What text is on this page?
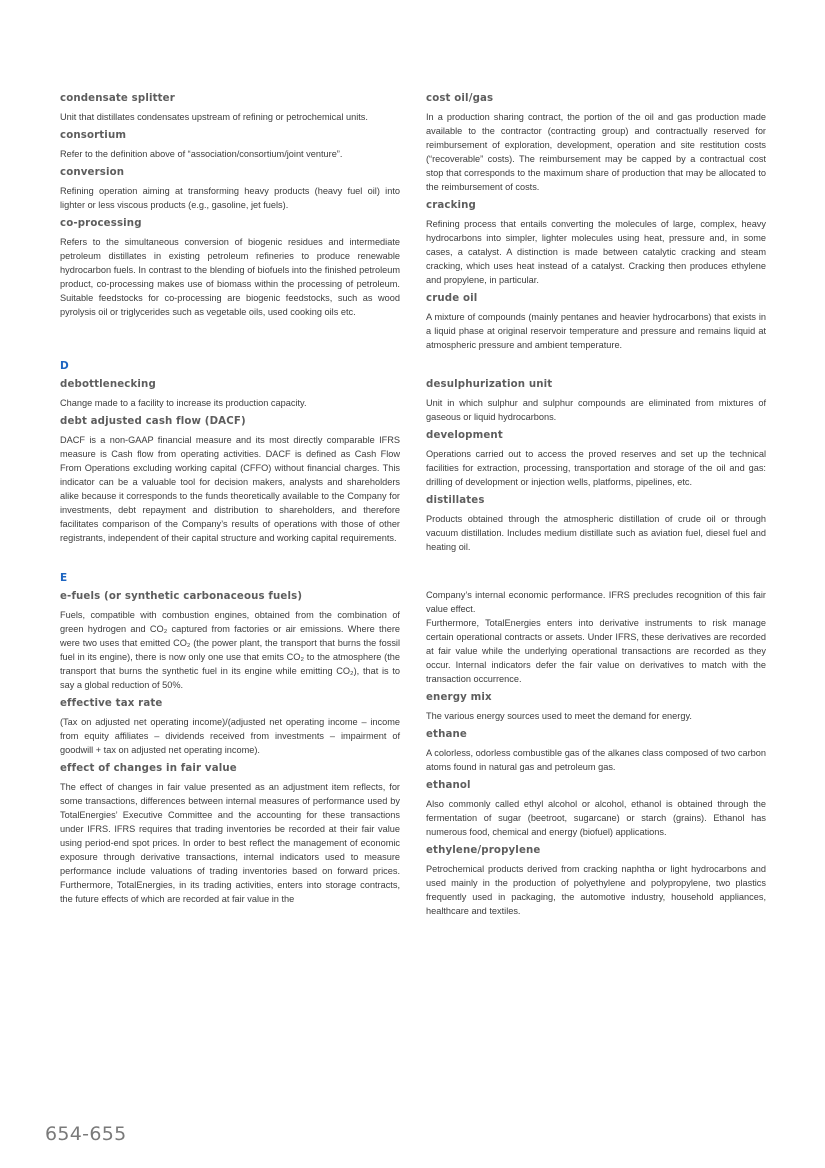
condensate splitter

Unit that distillates condensates upstream of refining or petrochemical units.

consortium

Refer to the definition above of “association/consortium/joint venture”.

conversion

Refining operation aiming at transforming heavy products (heavy fuel oil) into lighter or less viscous products (e.g., gasoline, jet fuels).

co-processing

Refers to the simultaneous conversion of biogenic residues and intermediate petroleum distillates in existing petroleum refineries to produce renewable hydrocarbon fuels. In contrast to the blending of biofuels into the finished petroleum product, co-processing makes use of biomass within the processing of petroleum. Suitable feedstocks for co-processing are biogenic feedstocks, such as wood pyrolysis oil or triglycerides such as vegetable oils, used cooking oils etc.

cost oil/gas

In a production sharing contract, the portion of the oil and gas production made available to the contractor (contracting group) and contractually reserved for reimbursement of exploration, development, operation and site restitution costs (“recoverable” costs). The reimbursement may be capped by a contractual cost stop that corresponds to the maximum share of production that may be allocated to the reimbursement of costs.

cracking

Refining process that entails converting the molecules of large, complex, heavy hydrocarbons into simpler, lighter molecules using heat, pressure and, in some cases, a catalyst. A distinction is made between catalytic cracking and steam cracking, which uses heat instead of a catalyst. Cracking then produces ethylene and propylene, in particular.

crude oil

A mixture of compounds (mainly pentanes and heavier hydrocarbons) that exists in a liquid phase at original reservoir temperature and pressure and remains liquid at atmospheric pressure and ambient temperature.

D

debottlenecking

Change made to a facility to increase its production capacity.

debt adjusted cash flow (DACF)

DACF is a non-GAAP financial measure and its most directly comparable IFRS measure is Cash flow from operating activities. DACF is defined as Cash Flow From Operations excluding working capital (CFFO) without financial charges. This indicator can be a valuable tool for decision makers, analysts and shareholders alike because it corresponds to the funds theoretically available to the Company for investments, debt repayment and distribution to shareholders, and therefore facilitates comparison of the Company’s results of operations with those of other registrants, independent of their capital structure and working capital requirements.

desulphurization unit

Unit in which sulphur and sulphur compounds are eliminated from mixtures of gaseous or liquid hydrocarbons.

development

Operations carried out to access the proved reserves and set up the technical facilities for extraction, processing, transportation and storage of the oil and gas: drilling of development or injection wells, platforms, pipelines, etc.

distillates

Products obtained through the atmospheric distillation of crude oil or through vacuum distillation. Includes medium distillate such as aviation fuel, diesel fuel and heating oil.

E

e-fuels (or synthetic carbonaceous fuels)

Fuels, compatible with combustion engines, obtained from the combination of green hydrogen and CO₂ captured from factories or air emissions. Where there were two uses that emitted CO₂ (the power plant, the transport that burns the fossil fuel in its engine), there is now only one use that emits CO₂ to the atmosphere (the transport that burns the synthetic fuel in its engine while emitting CO₂), that is to say a global reduction of 50%.

effective tax rate

(Tax on adjusted net operating income)/(adjusted net operating income – income from equity affiliates – dividends received from investments – impairment of goodwill + tax on adjusted net operating income).

effect of changes in fair value

The effect of changes in fair value presented as an adjustment item reflects, for some transactions, differences between internal measures of performance used by TotalEnergies’ Executive Committee and the accounting for these transactions under IFRS. IFRS requires that trading inventories be recorded at their fair value using period-end spot prices. In order to best reflect the management of economic exposure through derivative transactions, internal indicators used to measure performance include valuations of trading inventories based on forward prices. Furthermore, TotalEnergies, in its trading activities, enters into storage contracts, the future effects of which are recorded at fair value in the

Company’s internal economic performance. IFRS precludes recognition of this fair value effect.

Furthermore, TotalEnergies enters into derivative instruments to risk manage certain operational contracts or assets. Under IFRS, these derivatives are recorded at fair value while the underlying operational transactions are recorded as they occur. Internal indicators defer the fair value on derivatives to match with the transaction occurrence.

energy mix

The various energy sources used to meet the demand for energy.

ethane

A colorless, odorless combustible gas of the alkanes class composed of two carbon atoms found in natural gas and petroleum gas.

ethanol

Also commonly called ethyl alcohol or alcohol, ethanol is obtained through the fermentation of sugar (beetroot, sugarcane) or starch (grains). Ethanol has numerous food, chemical and energy (biofuel) applications.

ethylene/propylene

Petrochemical products derived from cracking naphtha or light hydrocarbons and used mainly in the production of polyethylene and polypropylene, two plastics frequently used in packaging, the automotive industry, household appliances, healthcare and textiles.

654-655
